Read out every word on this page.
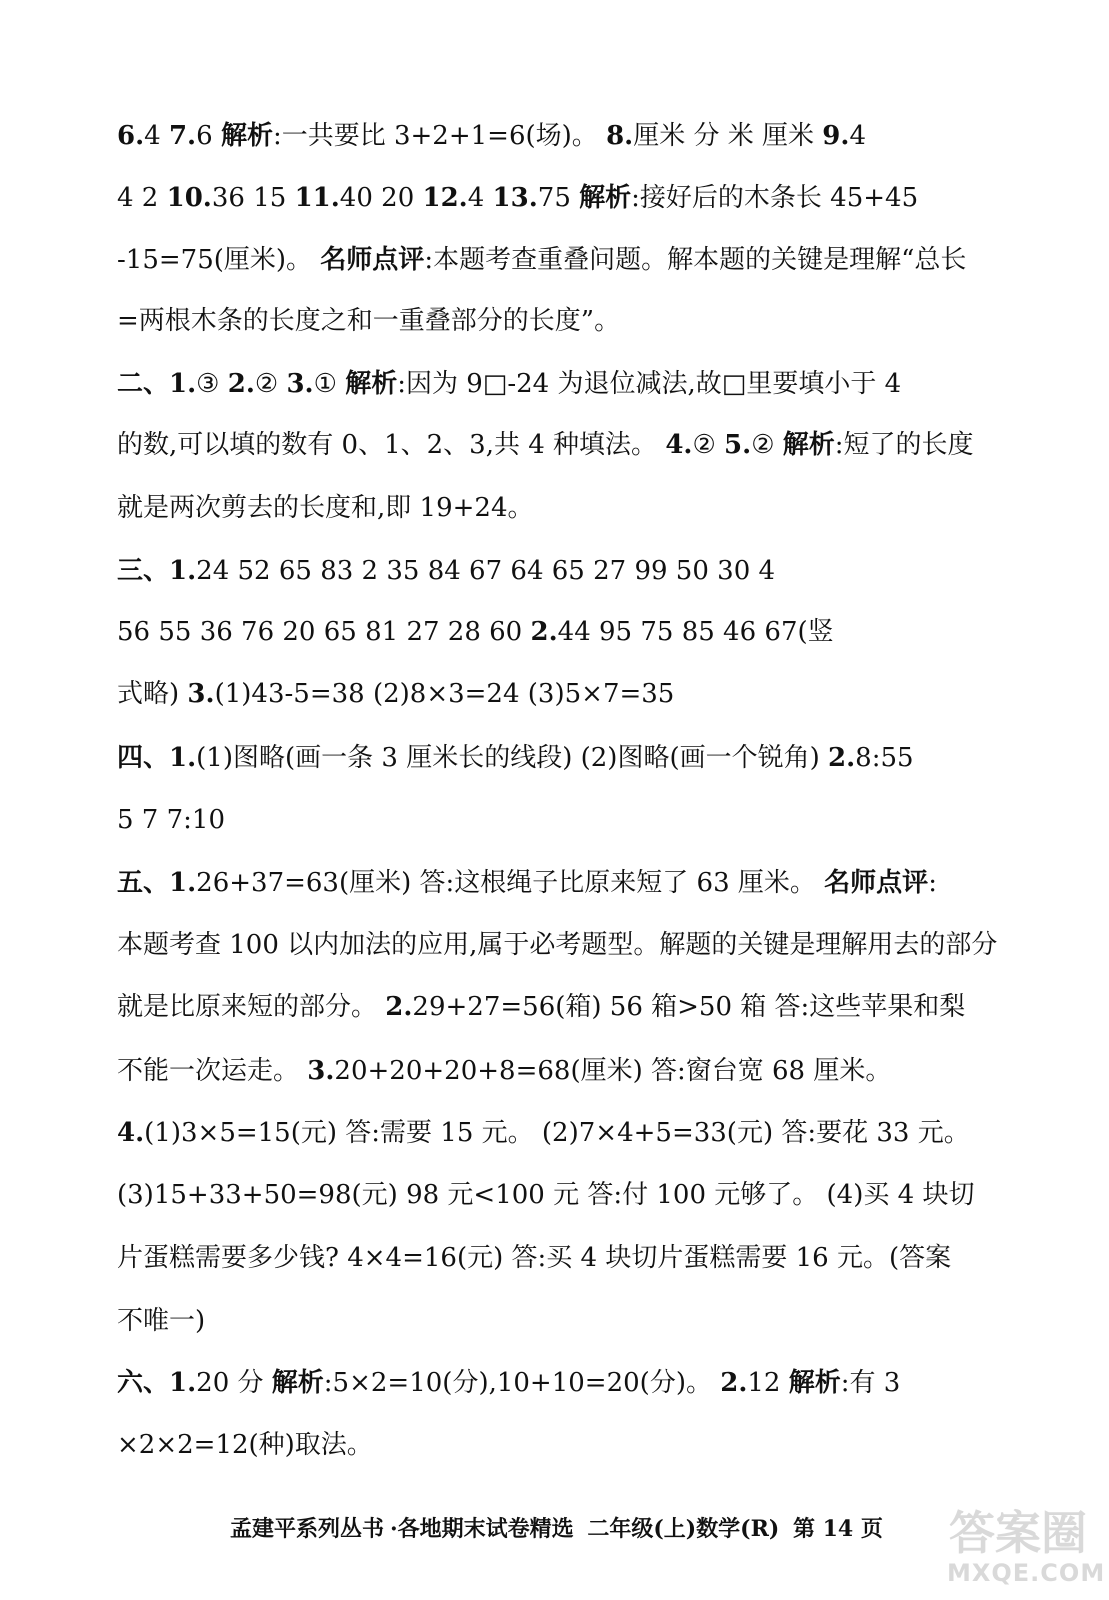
6.4 7.6 解析:一共要比 3+2+1=6(场)。 8.厘米 分 米 厘米 9.4
4 2 10.36 15 11.40 20 12.4 13.75 解析:接好后的木条长 45+45
-15=75(厘米)。 名师点评:本题考查重叠问题。解本题的关键是理解“总长
=两根木条的长度之和一重叠部分的长度”。
二、1.③ 2.② 3.① 解析:因为 9□-24 为退位减法,故□里要填小于 4
的数,可以填的数有 0、1、2、3,共 4 种填法。 4.② 5.② 解析:短了的长度
就是两次剪去的长度和,即 19+24。
三、1.24 52 65 83 2 35 84 67 64 65 27 99 50 30 4
56 55 36 76 20 65 81 27 28 60 2.44 95 75 85 46 67(竖
式略) 3.(1)43-5=38 (2)8×3=24 (3)5×7=35
四、1.(1)图略(画一条 3 厘米长的线段) (2)图略(画一个锐角) 2.8:55
5 7 7:10
五、1.26+37=63(厘米) 答:这根绳子比原来短了 63 厘米。 名师点评:
本题考查 100 以内加法的应用,属于必考题型。解题的关键是理解用去的部分
就是比原来短的部分。 2.29+27=56(箱) 56 箱>50 箱 答:这些苹果和梨
不能一次运走。 3.20+20+20+8=68(厘米) 答:窗台宽 68 厘米。
4.(1)3×5=15(元) 答:需要 15 元。 (2)7×4+5=33(元) 答:要花 33 元。
(3)15+33+50=98(元) 98 元<100 元 答:付 100 元够了。 (4)买 4 块切
片蛋糕需要多少钱? 4×4=16(元) 答:买 4 块切片蛋糕需要 16 元。(答案
不唯一)
六、1.20 分 解析:5×2=10(分),10+10=20(分)。 2.12 解析:有 3
×2×2=12(种)取法。
孟建平系列丛书 ·各地期末试卷精选 二年级(上)数学(R) 第 14 页	答案圈
MXQE.COM
